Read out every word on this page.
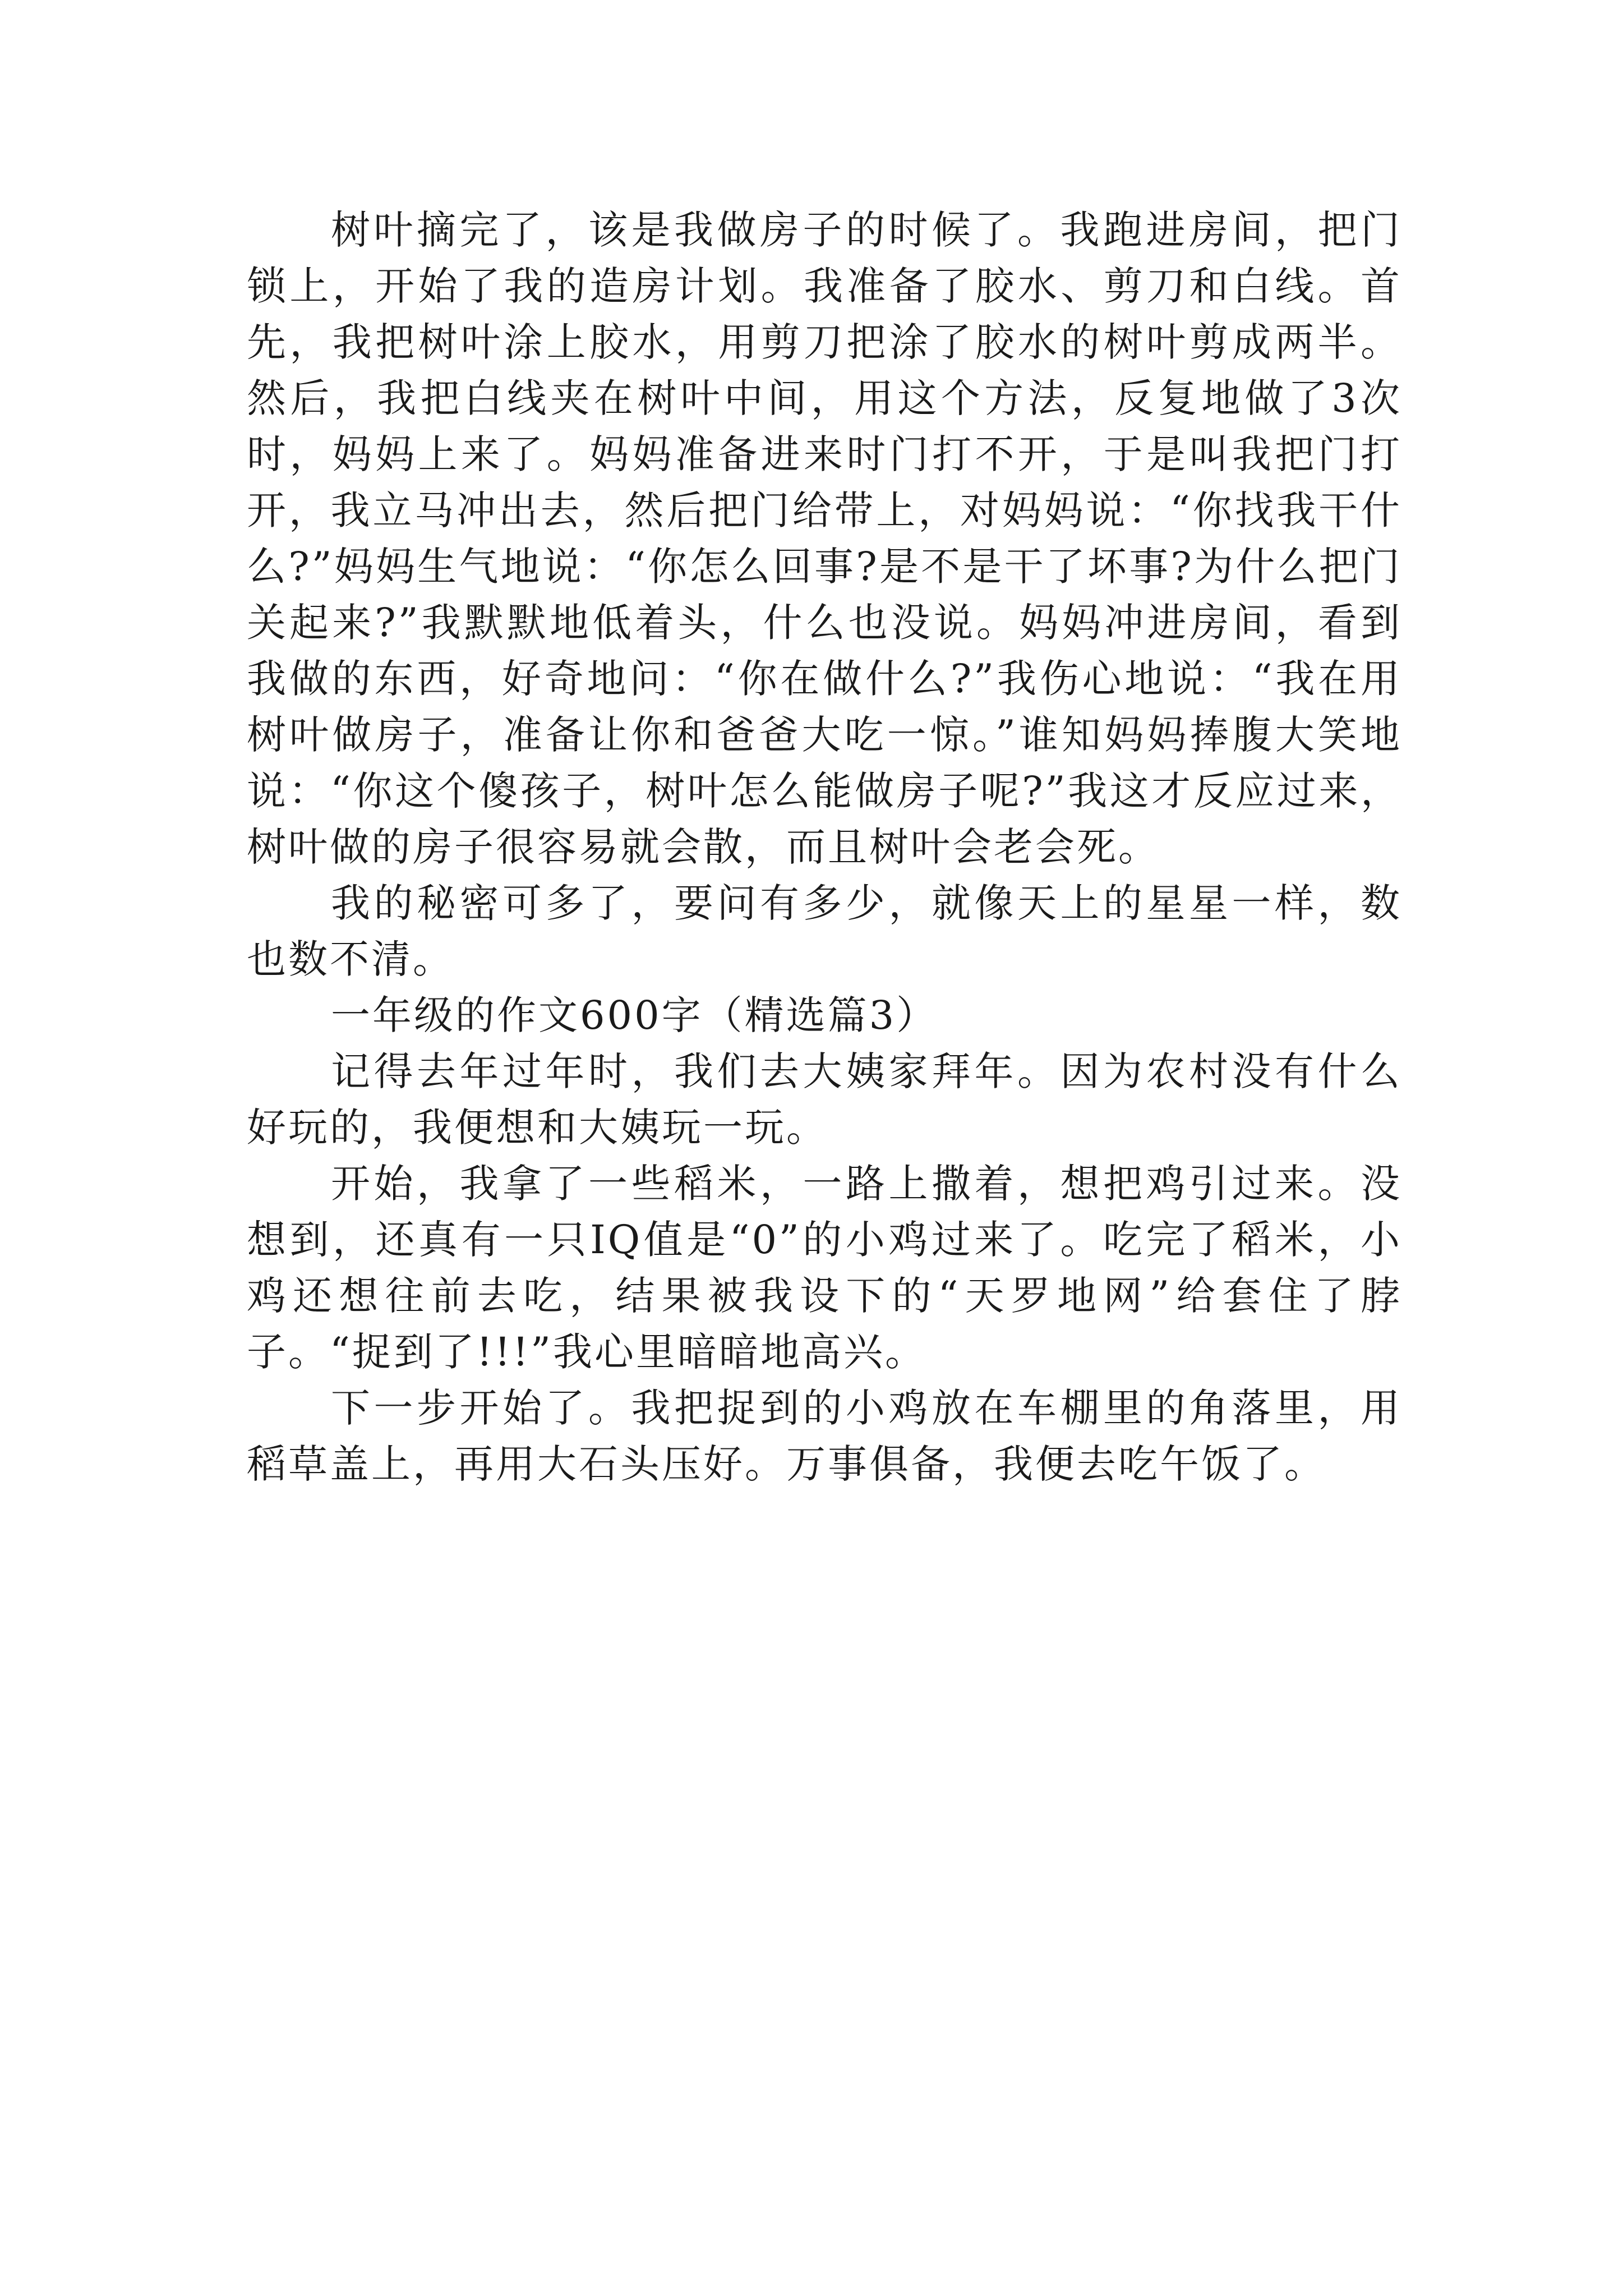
树叶摘完了，该是我做房子的时候了。我跑进房间，把门锁上，开始了我的造房计划。我准备了胶水、剪刀和白线。首先，我把树叶涂上胶水，用剪刀把涂了胶水的树叶剪成两半。然后，我把白线夹在树叶中间，用这个方法，反复地做了3次时，妈妈上来了。妈妈准备进来时门打不开，于是叫我把门打开，我立马冲出去，然后把门给带上，对妈妈说：“你找我干什么?”妈妈生气地说：“你怎么回事?是不是干了坏事?为什么把门关起来?”我默默地低着头，什么也没说。妈妈冲进房间，看到我做的东西，好奇地问：“你在做什么?”我伤心地说：“我在用树叶做房子，准备让你和爸爸大吃一惊。”谁知妈妈捧腹大笑地说：“你这个傻孩子，树叶怎么能做房子呢?”我这才反应过来，树叶做的房子很容易就会散，而且树叶会老会死。

我的秘密可多了，要问有多少，就像天上的星星一样，数也数不清。

一年级的作文600字（精选篇3）

记得去年过年时，我们去大姨家拜年。因为农村没有什么好玩的，我便想和大姨玩一玩。

开始，我拿了一些稻米，一路上撒着，想把鸡引过来。没想到，还真有一只IQ值是“0”的小鸡过来了。吃完了稻米，小鸡还想往前去吃，结果被我设下的“天罗地网”给套住了脖子。“捉到了!!!”我心里暗暗地高兴。

下一步开始了。我把捉到的小鸡放在车棚里的角落里，用稻草盖上，再用大石头压好。万事俱备，我便去吃午饭了。
